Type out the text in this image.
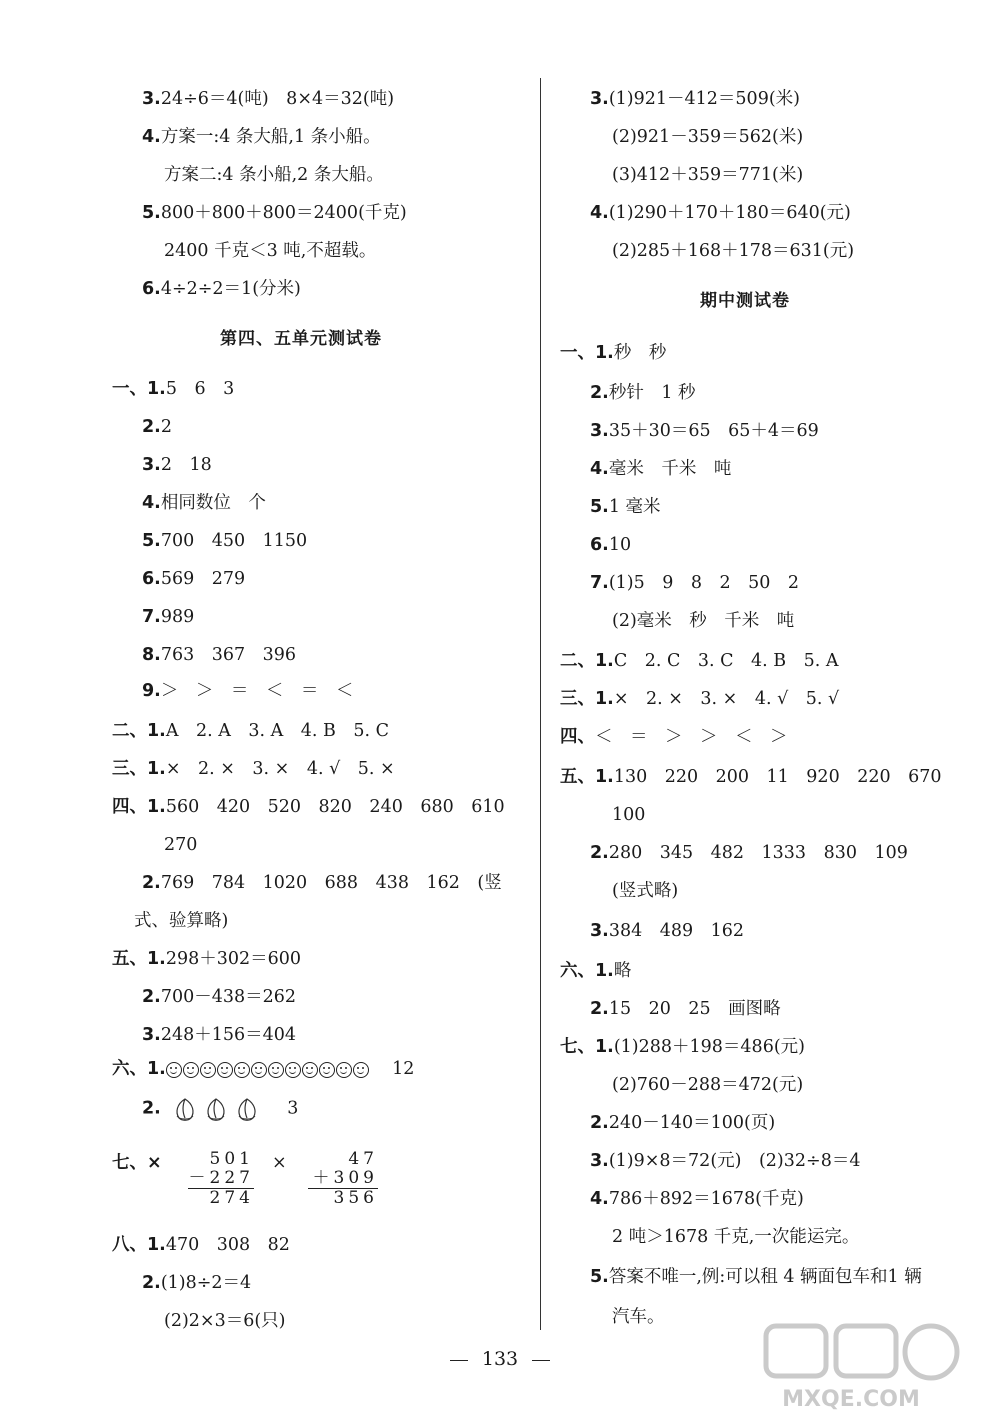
3.24÷6＝4(吨)　8×4＝32(吨)
4.方案一:4 条大船,1 条小船。
方案二:4 条小船,2 条大船。
5.800＋800＋800＝2400(千克)
2400 千克＜3 吨,不超载。
6.4÷2÷2＝1(分米)
第四、五单元测试卷
一、1.5　6　3
2.2
3.2　18
4.相同数位　个
5.700　450　1150
6.569　279
7.989
8.763　367　396
9.＞　＞　＝　＜　＝　＜
二、1.A　2. A　3. A　4. B　5. C
三、1.×　2. ×　3. ×　4. √　5. ×
四、1.560　420　520　820　240　680　610
270
2.769　784　1020　688　438　162　(竖
式、验算略)
五、1.298＋302＝600
2.700－438＝262
3.248＋156＝404
八、1.470　308　82
2.(1)8÷2＝4
(2)2×3＝6(只)
3.(1)921－412＝509(米)
(2)921－359＝562(米)
(3)412＋359＝771(米)
4.(1)290＋170＋180＝640(元)
(2)285＋168＋178＝631(元)
期中测试卷
一、1.秒　秒
2.秒针　1 秒
3.35＋30＝65　65＋4＝69
4.毫米　千米　吨
5.1 毫米
6.10
7.(1)5　9　8　2　50　2
(2)毫米　秒　千米　吨
二、1.C　2. C　3. C　4. B　5. A
三、1.×　2. ×　3. ×　4. √　5. √
四、＜　＝　＞　＞　＜　＞
五、1.130　220　200　11　920　220　670
100
2.280　345　482　1333　830　109
(竖式略)
3.384　489　162
六、1.略
2.15　20　25　画图略
七、1.(1)288＋198＝486(元)
(2)760－288＝472(元)
2.240－140＝100(页)
3.(1)9×8＝72(元)　(2)32÷8＝4
4.786＋892＝1678(千克)
2 吨＞1678 千克,一次能运完。
5.答案不唯一,例:可以租 4 辆面包车和1 辆
汽车。
六、1.	12
2.	3
七、×	501
－227
274
×	47
＋309
356
133
MXQE.COM
